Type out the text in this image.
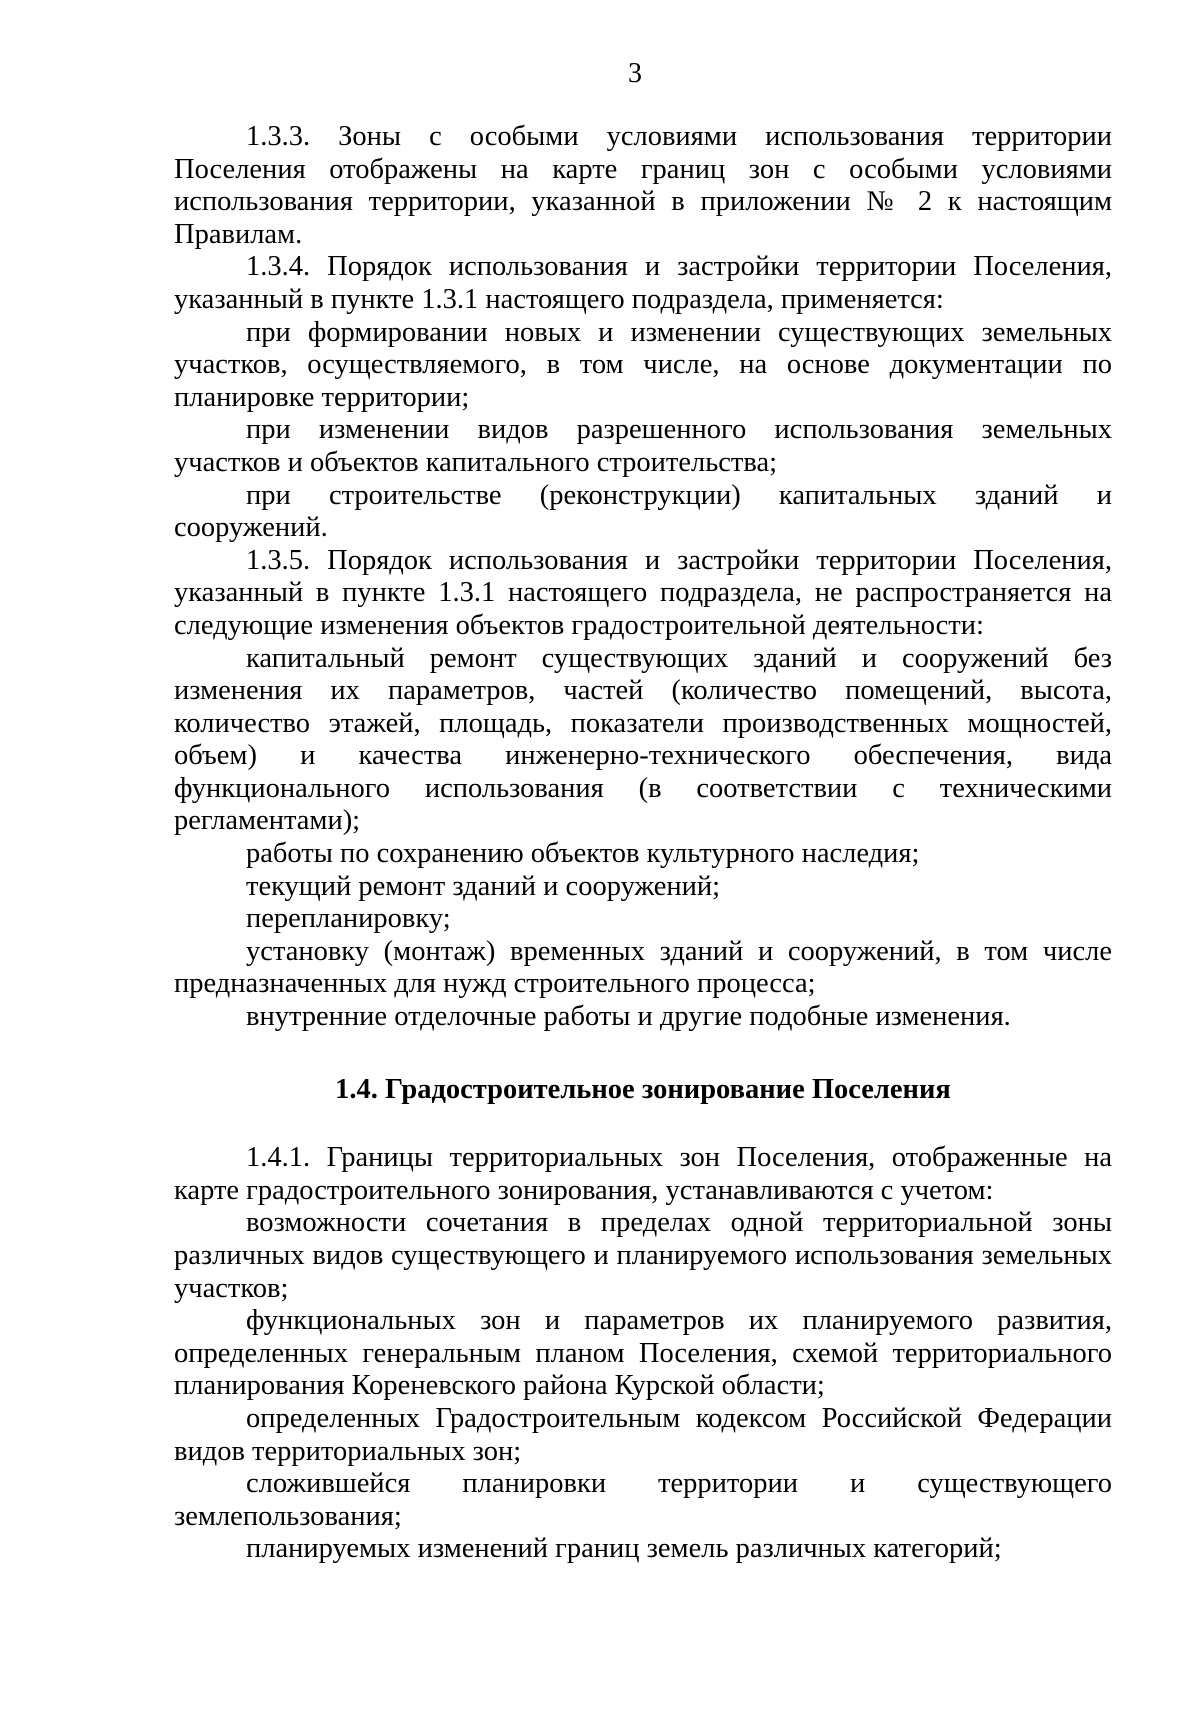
3

1.3.3. Зоны с особыми условиями использования территории Поселения отображены на карте границ зон с особыми условиями использования территории, указанной в приложении № 2 к настоящим Правилам.

1.3.4. Порядок использования и застройки территории Поселения, указанный в пункте 1.3.1 настоящего подраздела, применяется:

при формировании новых и изменении существующих земельных участков, осуществляемого, в том числе, на основе документации по планировке территории;

при изменении видов разрешенного использования земельных участков и объектов капитального строительства;

при строительстве (реконструкции) капитальных зданий и сооружений.

1.3.5. Порядок использования и застройки территории Поселения, указанный в пункте 1.3.1 настоящего подраздела, не распространяется на следующие изменения объектов градостроительной деятельности:

капитальный ремонт существующих зданий и сооружений без изменения их параметров, частей (количество помещений, высота, количество этажей, площадь, показатели производственных мощностей, объем) и качества инженерно-технического обеспечения, вида функционального использования (в соответствии с техническими регламентами);

работы по сохранению объектов культурного наследия;

текущий ремонт зданий и сооружений;

перепланировку;

установку (монтаж) временных зданий и сооружений, в том числе предназначенных для нужд строительного процесса;

внутренние отделочные работы и другие подобные изменения.

1.4. Градостроительное зонирование Поселения

1.4.1. Границы территориальных зон Поселения, отображенные на карте градостроительного зонирования, устанавливаются с учетом:

возможности сочетания в пределах одной территориальной зоны различных видов существующего и планируемого использования земельных участков;

функциональных зон и параметров их планируемого развития, определенных генеральным планом Поселения, схемой территориального планирования Кореневского района Курской области;

определенных Градостроительным кодексом Российской Федерации видов территориальных зон;

сложившейся планировки территории и существующего землепользования;

планируемых изменений границ земель различных категорий;
